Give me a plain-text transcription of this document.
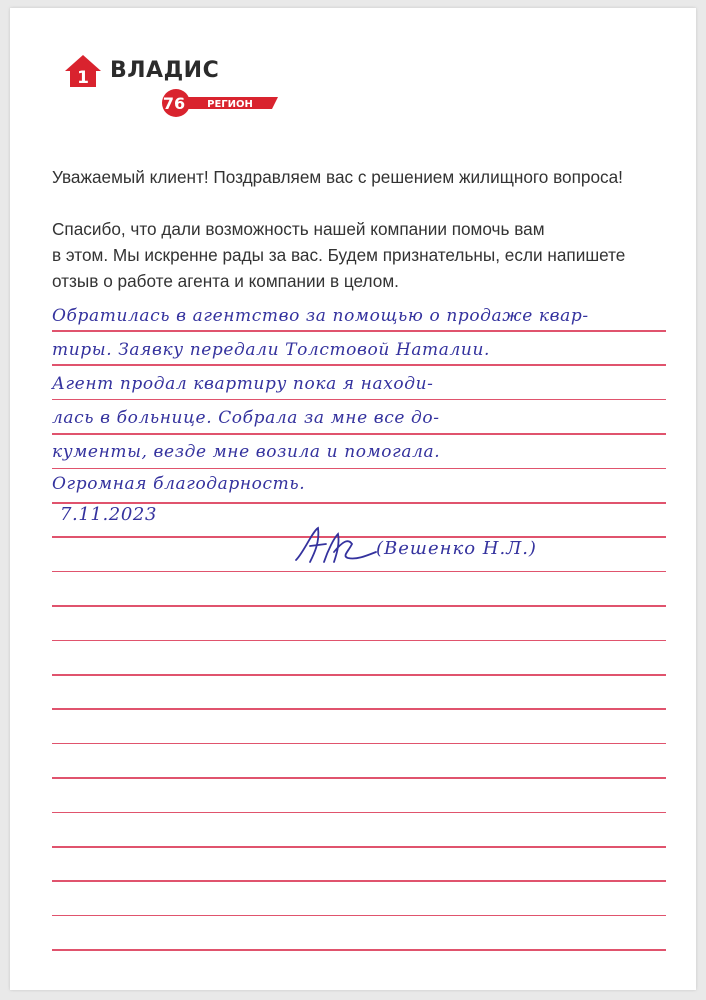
1 ВЛАДИС
76 РЕГИОН
Уважаемый клиент! Поздравляем вас с решением жилищного вопроса!
Спасибо, что дали возможность нашей компании помочь вам
в этом. Мы искренне рады за вас. Будем признательны, если напишете
отзыв о работе агента и компании в целом.
Обратилась в агентство за помощью о продаже квар-
тиры. Заявку передали Толстовой Наталии.
Агент продал квартиру пока я находи-
лась в больнице. Собрала за мне все до-
кументы, везде мне возила и помогала.
Огромная благодарность.
7.11.2023
(Вешенко Н.Л.)
